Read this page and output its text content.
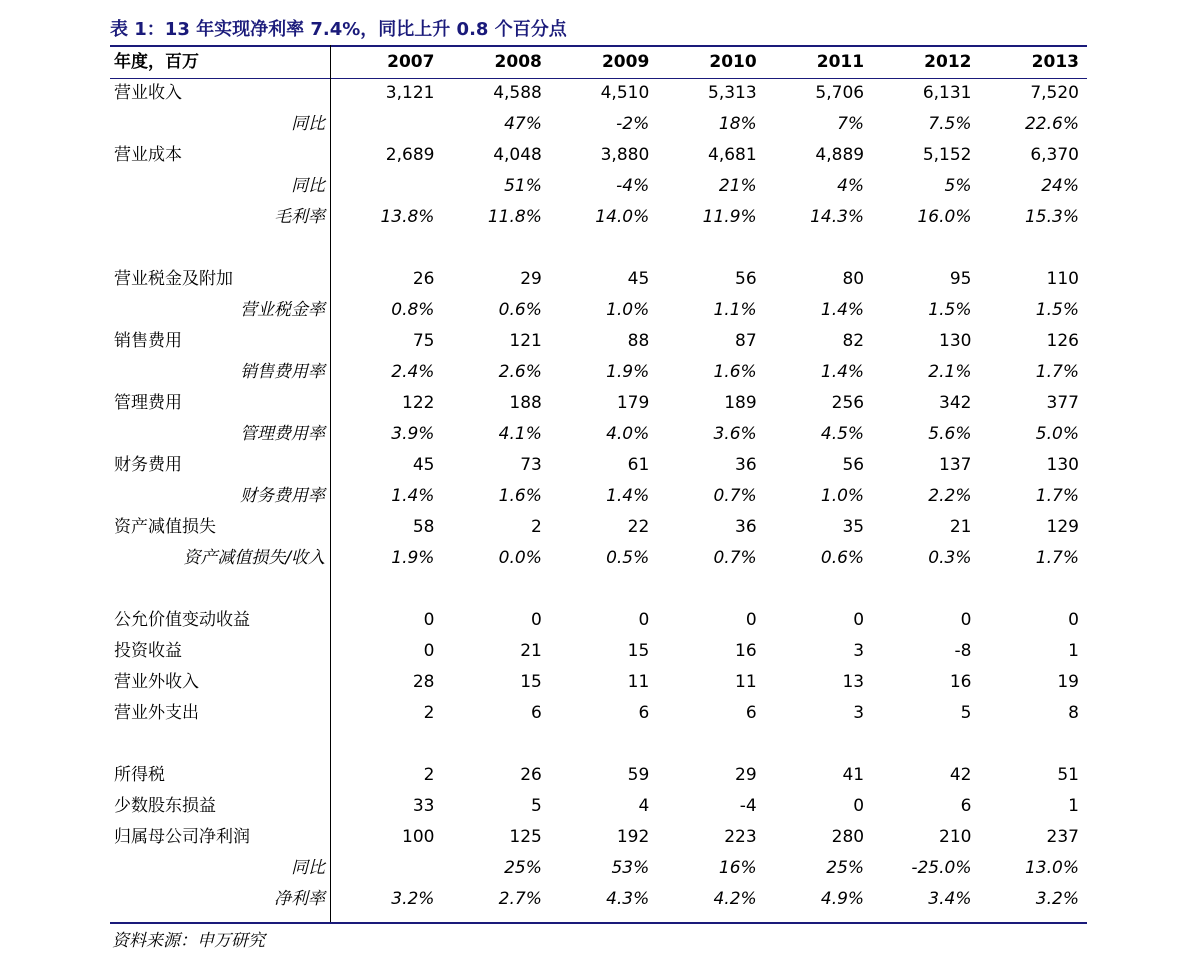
表 1：13 年实现净利率 7.4%，同比上升 0.8 个百分点
年度，百万	2007	2008	2009	2010	2011	2012	2013
营业收入	3,121	4,588	4,510	5,313	5,706	6,131	7,520
同比		47%	-2%	18%	7%	7.5%	22.6%
营业成本	2,689	4,048	3,880	4,681	4,889	5,152	6,370
同比		51%	-4%	21%	4%	5%	24%
毛利率	13.8%	11.8%	14.0%	11.9%	14.3%	16.0%	15.3%

营业税金及附加	26	29	45	56	80	95	110
营业税金率	0.8%	0.6%	1.0%	1.1%	1.4%	1.5%	1.5%
销售费用	75	121	88	87	82	130	126
销售费用率	2.4%	2.6%	1.9%	1.6%	1.4%	2.1%	1.7%
管理费用	122	188	179	189	256	342	377
管理费用率	3.9%	4.1%	4.0%	3.6%	4.5%	5.6%	5.0%
财务费用	45	73	61	36	56	137	130
财务费用率	1.4%	1.6%	1.4%	0.7%	1.0%	2.2%	1.7%
资产减值损失	58	2	22	36	35	21	129
资产减值损失/收入	1.9%	0.0%	0.5%	0.7%	0.6%	0.3%	1.7%

公允价值变动收益	0	0	0	0	0	0	0
投资收益	0	21	15	16	3	-8	1
营业外收入	28	15	11	11	13	16	19
营业外支出	2	6	6	6	3	5	8

所得税	2	26	59	29	41	42	51
少数股东损益	33	5	4	-4	0	6	1
归属母公司净利润	100	125	192	223	280	210	237
同比		25%	53%	16%	25%	-25.0%	13.0%
净利率	3.2%	2.7%	4.3%	4.2%	4.9%	3.4%	3.2%
资料来源：申万研究
